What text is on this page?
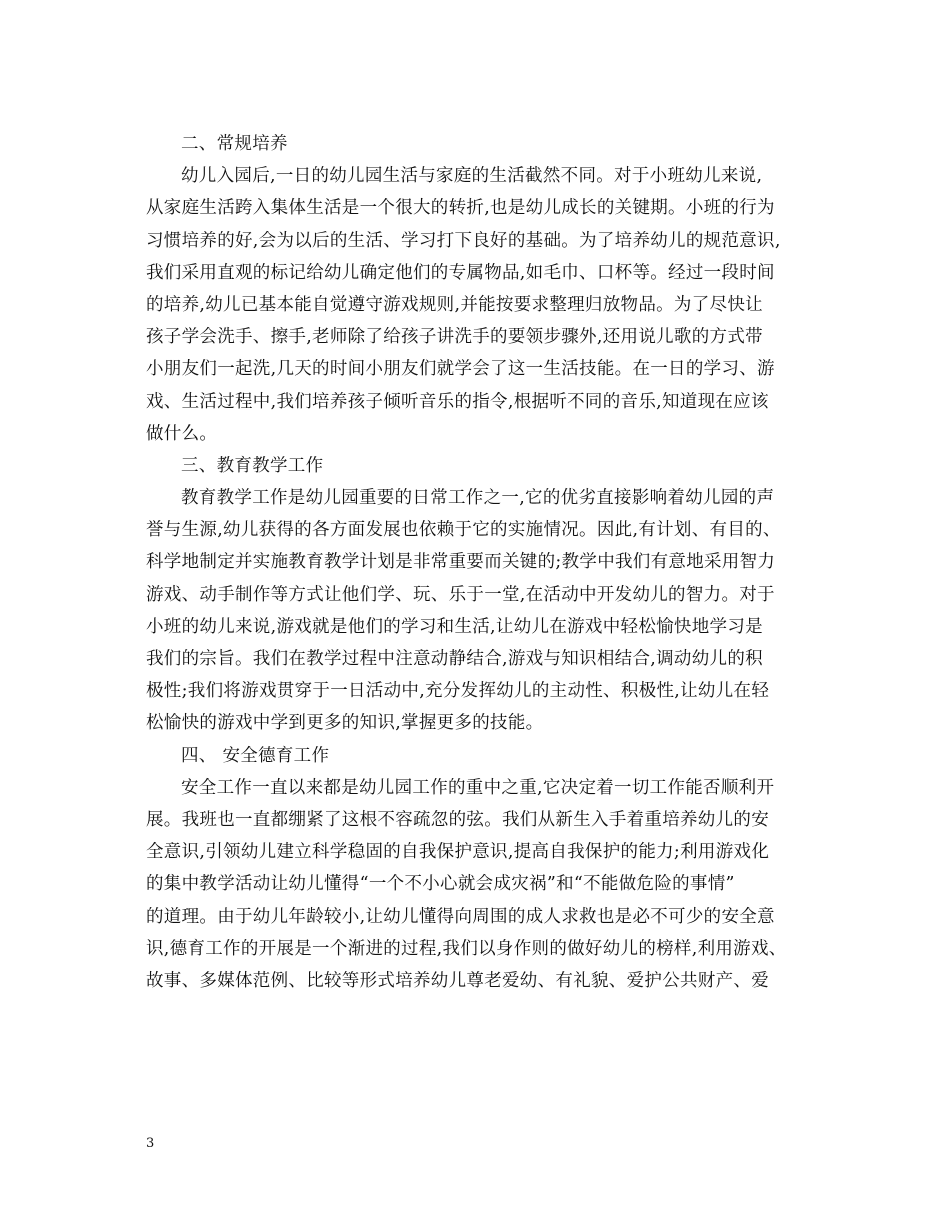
二、常规培养
幼儿入园后,一日的幼儿园生活与家庭的生活截然不同。对于小班幼儿来说,
从家庭生活跨入集体生活是一个很大的转折,也是幼儿成长的关键期。小班的行为
习惯培养的好,会为以后的生活、学习打下良好的基础。为了培养幼儿的规范意识,
我们采用直观的标记给幼儿确定他们的专属物品,如毛巾、口杯等。经过一段时间
的培养,幼儿已基本能自觉遵守游戏规则,并能按要求整理归放物品。为了尽快让
孩子学会洗手、擦手,老师除了给孩子讲洗手的要领步骤外,还用说儿歌的方式带
小朋友们一起洗,几天的时间小朋友们就学会了这一生活技能。在一日的学习、游
戏、生活过程中,我们培养孩子倾听音乐的指令,根据听不同的音乐,知道现在应该
做什么。
三、教育教学工作
教育教学工作是幼儿园重要的日常工作之一,它的优劣直接影响着幼儿园的声
誉与生源,幼儿获得的各方面发展也依赖于它的实施情况。因此,有计划、有目的、
科学地制定并实施教育教学计划是非常重要而关键的;教学中我们有意地采用智力
游戏、动手制作等方式让他们学、玩、乐于一堂,在活动中开发幼儿的智力。对于
小班的幼儿来说,游戏就是他们的学习和生活,让幼儿在游戏中轻松愉快地学习是
我们的宗旨。我们在教学过程中注意动静结合,游戏与知识相结合,调动幼儿的积
极性;我们将游戏贯穿于一日活动中,充分发挥幼儿的主动性、积极性,让幼儿在轻
松愉快的游戏中学到更多的知识,掌握更多的技能。
四、 安全德育工作
安全工作一直以来都是幼儿园工作的重中之重,它决定着一切工作能否顺利开
展。我班也一直都绷紧了这根不容疏忽的弦。我们从新生入手着重培养幼儿的安
全意识,引领幼儿建立科学稳固的自我保护意识,提高自我保护的能力;利用游戏化
的集中教学活动让幼儿懂得“一个不小心就会成灾祸”和“不能做危险的事情”
的道理。由于幼儿年龄较小,让幼儿懂得向周围的成人求救也是必不可少的安全意
识,德育工作的开展是一个渐进的过程,我们以身作则的做好幼儿的榜样,利用游戏、
故事、多媒体范例、比较等形式培养幼儿尊老爱幼、有礼貌、爱护公共财产、爱
3
